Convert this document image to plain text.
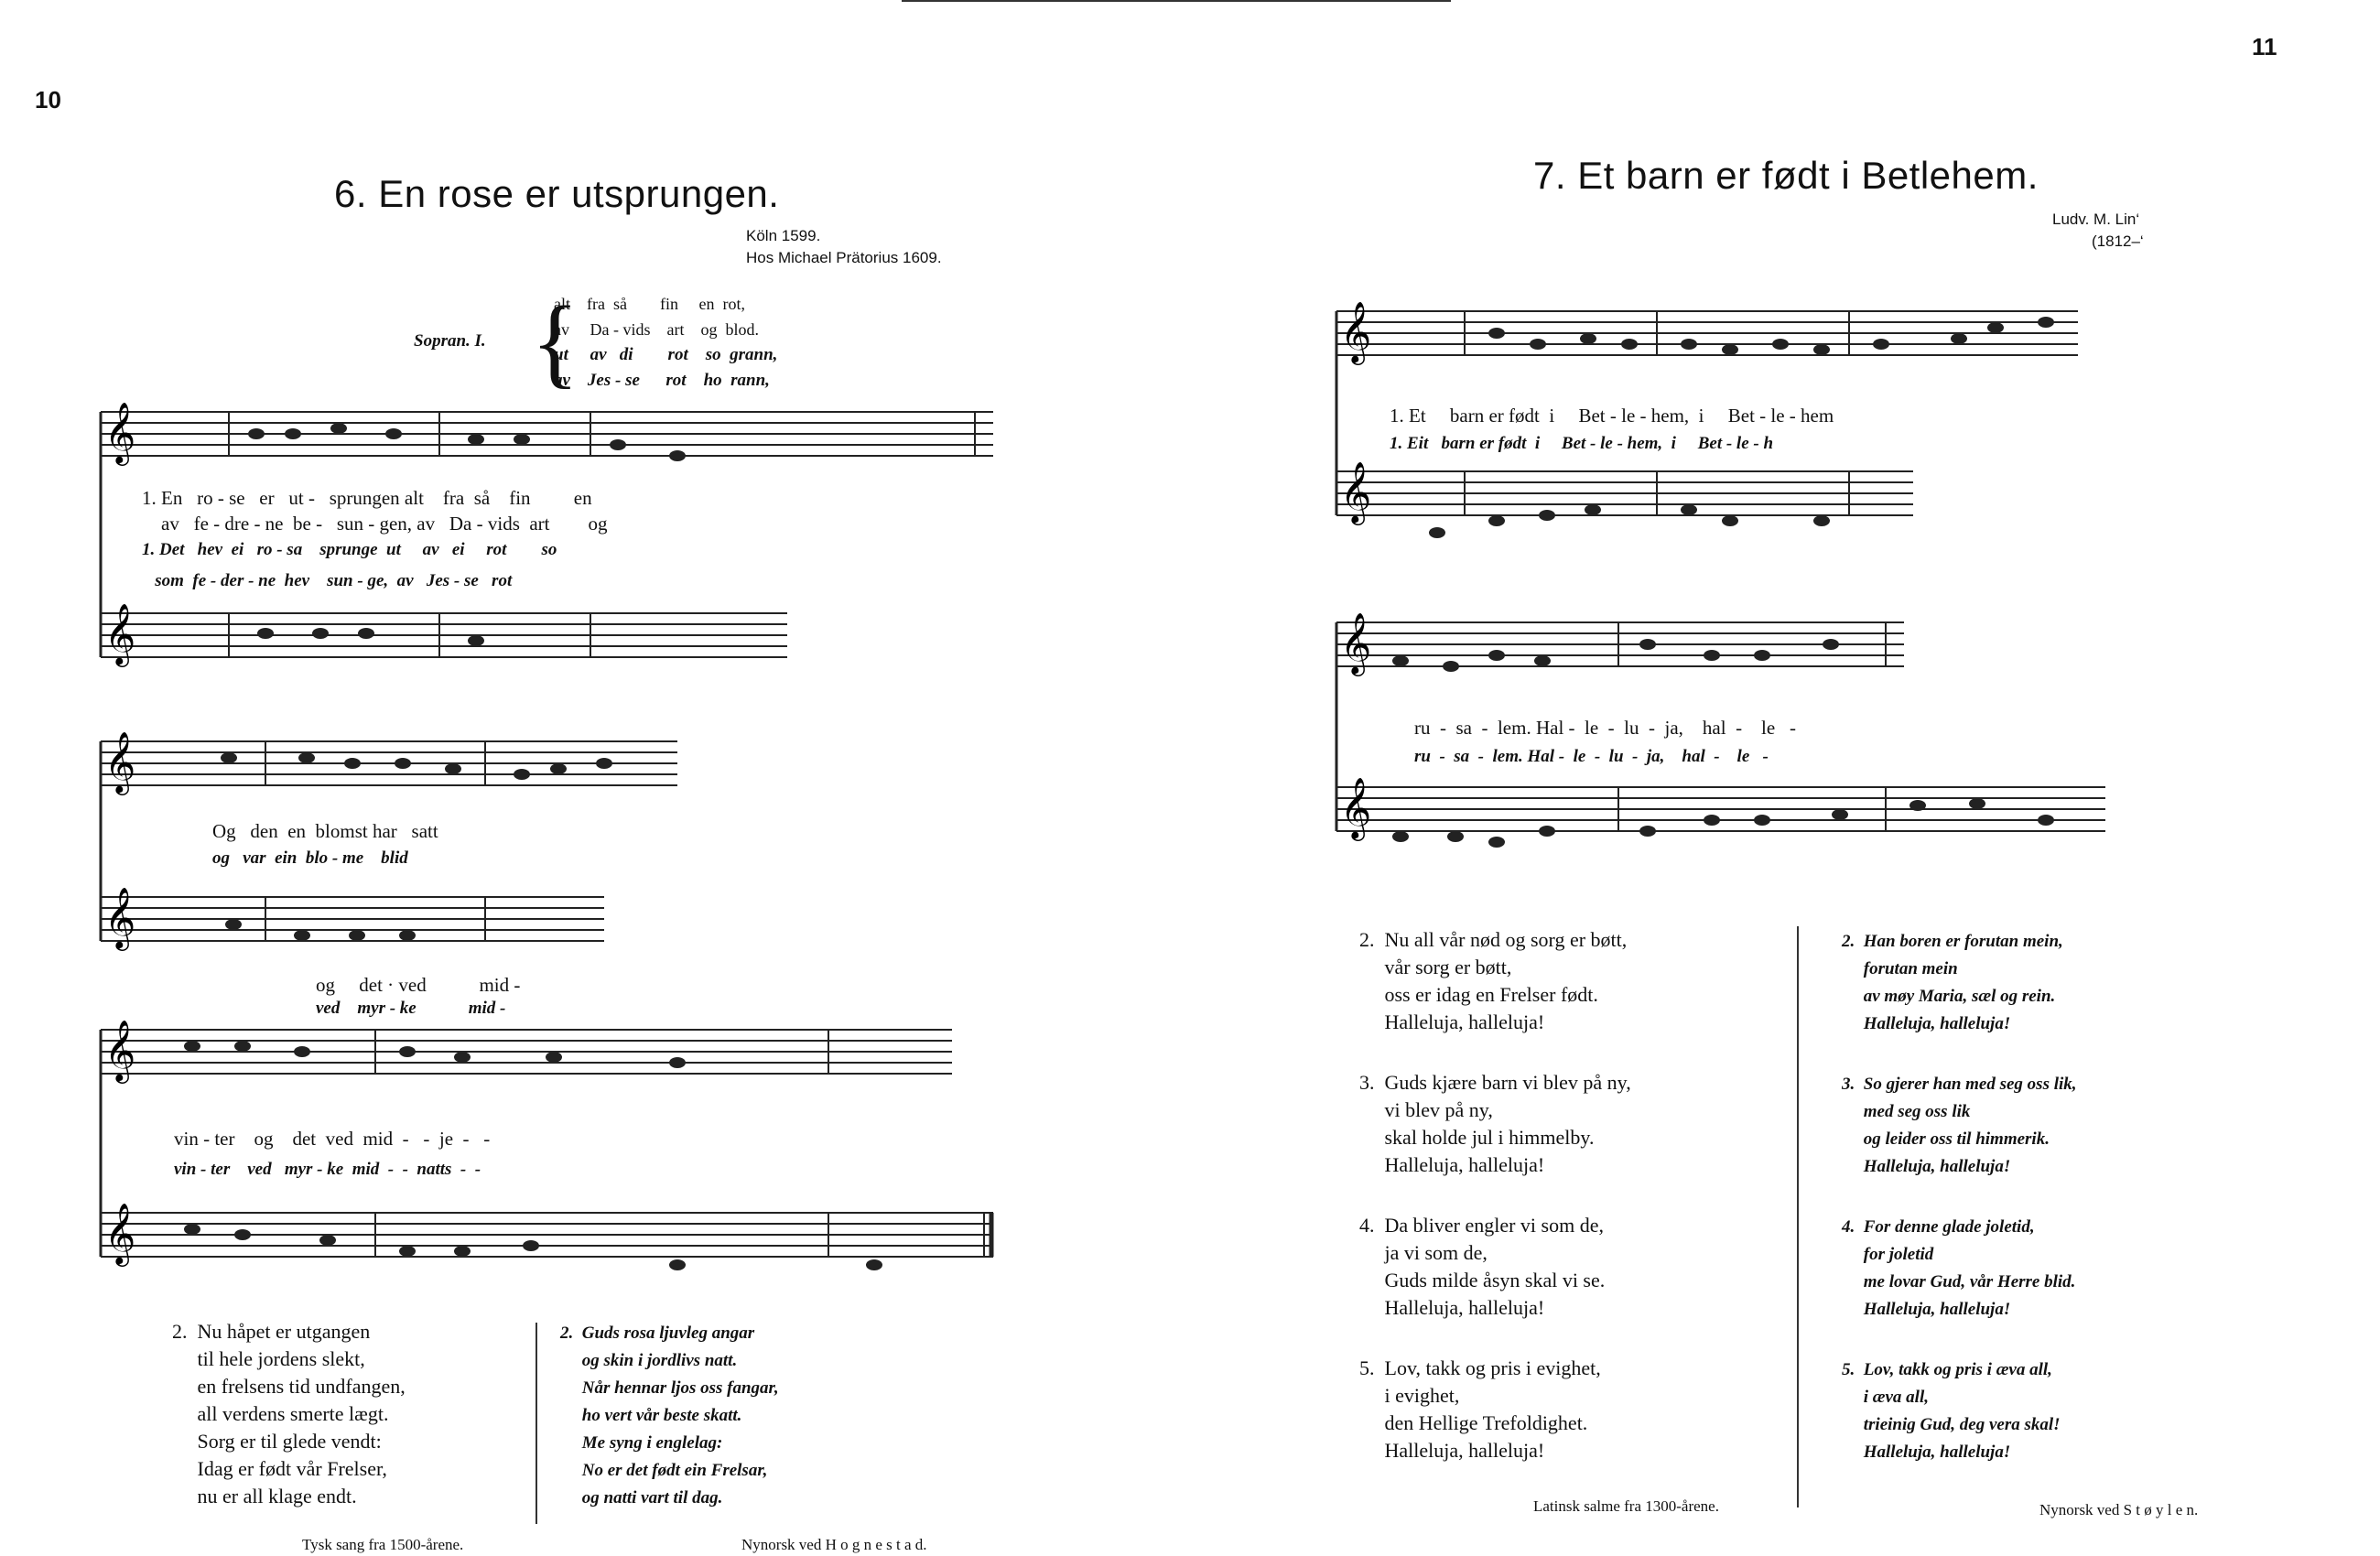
10
6. En rose er utsprungen.
Köln 1599.
Hos Michael Prätorius 1609.
Sopran. I. {
alt    fra  så        fin     en  rot,
av     Da - vids    art    og  blod.
ut     av   di        rot    so  grann,
av    Jes - se      rot    ho  rann,
𝄞
𝄞
1. En   ro - se   er   ut -   sprungen alt    fra  så    fin         en
av   fe - dre - ne  be -   sun - gen, av   Da - vids  art        og
1. Det   hev  ei   ro - sa    sprunge  ut     av   ei     rot        so
som  fe - der - ne  hev    sun - ge,  av   Jes - se   rot
𝄞
𝄞
Og   den  en  blomst har   satt
og   var  ein  blo - me    blid
og     det · ved           mid -
ved    myr - ke            mid -
𝄞
𝄞
vin - ter    og    det  ved  mid  -   -  je  -   -
vin - ter    ved   myr - ke  mid  -  -  natts  -  -
2.  Nu håpet er utgangen
til hele jordens slekt,
en frelsens tid undfangen,
all verdens smerte lægt.
Sorg er til glede vendt:
Idag er født vår Frelser,
nu er all klage endt.
2.  Guds rosa ljuvleg angar
og skin i jordlivs natt.
Når hennar ljos oss fangar,
ho vert vår beste skatt.
Me syng i englelag:
No er det født ein Frelsar,
og natti vart til dag.
Tysk sang fra 1500-årene.	Nynorsk ved H o g n e s t a d.
11
7. Et barn er født i Betlehem.
Ludv. M. Lin‘
(1812–‘
𝄞
𝄞
1. Et     barn er født  i     Bet - le - hem,  i     Bet - le - hem
1. Eit   barn er født  i     Bet - le - hem,  i     Bet - le - h
𝄞
𝄞
ru  -  sa  -  lem. Hal -  le  -  lu  -  ja,    hal  -    le   -
ru  -  sa  -  lem. Hal -  le  -  lu  -  ja,    hal  -    le   -
2.  Nu all vår nød og sorg er bøtt,
vår sorg er bøtt,
oss er idag en Frelser født.
Halleluja, halleluja!
3.  Guds kjære barn vi blev på ny,
vi blev på ny,
skal holde jul i himmelby.
Halleluja, halleluja!
4.  Da bliver engler vi som de,
ja vi som de,
Guds milde åsyn skal vi se.
Halleluja, halleluja!
5.  Lov, takk og pris i evighet,
i evighet,
den Hellige Trefoldighet.
Halleluja, halleluja!
2.  Han boren er forutan mein,
forutan mein
av møy Maria, sæl og rein.
Halleluja, halleluja!
3.  So gjerer han med seg oss lik,
med seg oss lik
og leider oss til himmerik.
Halleluja, halleluja!
4.  For denne glade joletid,
for joletid
me lovar Gud, vår Herre blid.
Halleluja, halleluja!
5.  Lov, takk og pris i æva all,
i æva all,
trieinig Gud, deg vera skal!
Halleluja, halleluja!
Latinsk salme fra 1300-årene.	Nynorsk ved S t ø y l e n.
